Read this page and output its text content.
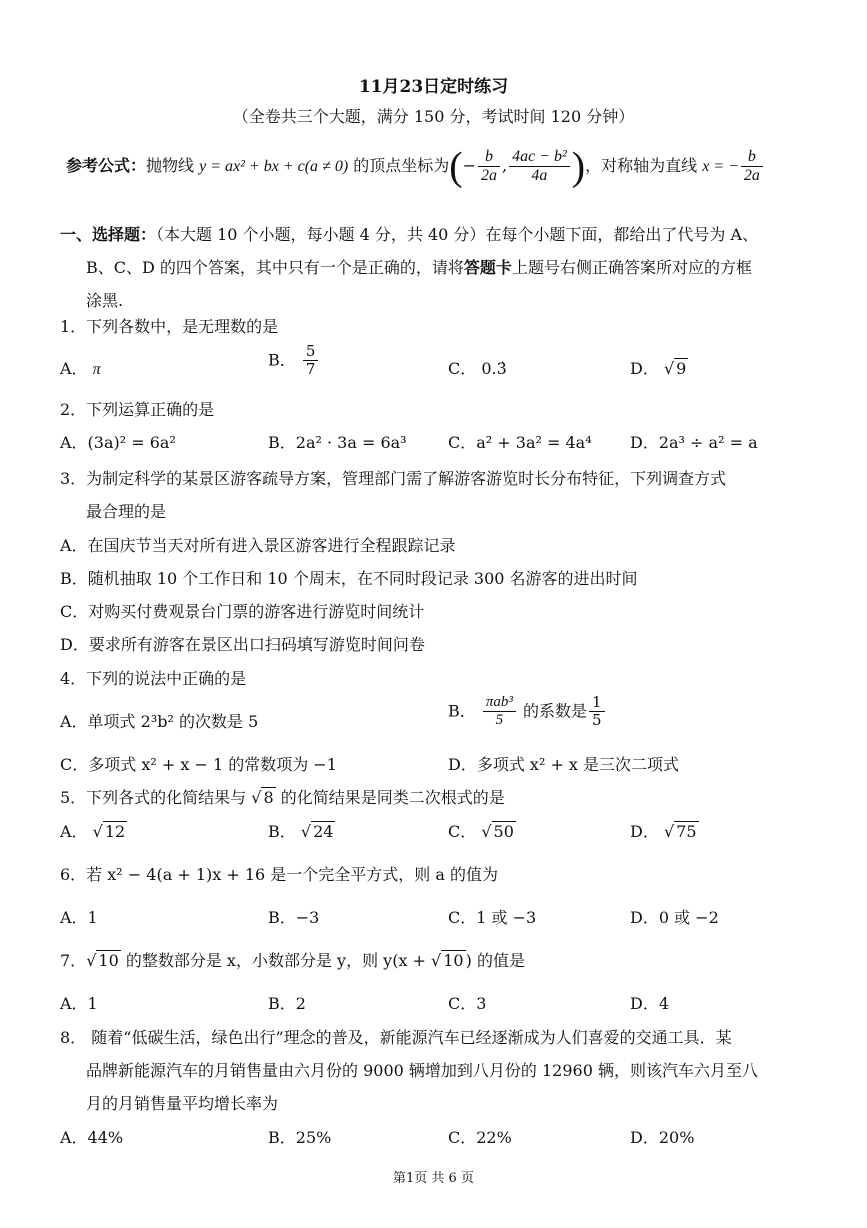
11月23日定时练习
（全卷共三个大题，满分 150 分，考试时间 120 分钟）
参考公式：抛物线 y = ax² + bx + c(a ≠ 0) 的顶点坐标为(− $\frac{b}{2a}$ , $\frac{\text{4ac − b²}}{4a}$ )，对称轴为直线 x = − $\frac{b}{2a}$
一、选择题：（本大题 10 个小题，每小题 4 分，共 40 分）在每个小题下面，都给出了代号为 A、
B、C、D 的四个答案，其中只有一个是正确的，请将答题卡上题号右侧正确答案所对应的方框
涂黑.
1．下列各数中，是无理数的是
A． π
B． $\frac{5}{7}$	C． 0.3̇	D． √ 9
2．下列运算正确的是
A．(3a)² = 6a²	B．2a² · 3a = 6a³	C．a² + 3a² = 4a⁴ D．2a³ ÷ a² = a
3．为制定科学的某景区游客疏导方案，管理部门需了解游客游览时长分布特征，下列调查方式
最合理的是
A．在国庆节当天对所有进入景区游客进行全程跟踪记录
B．随机抽取 10 个工作日和 10 个周末，在不同时段记录 300 名游客的进出时间
C．对购买付费观景台门票的游客进行游览时间统计
D．要求所有游客在景区出口扫码填写游览时间问卷
4．下列的说法中正确的是
A．单项式 2³b² 的次数是 5
B． $\frac{\text{πab³}}{5}$ 的系数是 $\frac{1}{5}$
C．多项式 x² + x − 1 的常数项为 −1	D．多项式 x² + x 是三次二项式
5．下列各式的化简结果与 √ 8 的化简结果是同类二次根式的是
A． √ 12	B． √ 24	C． √ 50	D． √ 75
6．若 x² − 4(a + 1)x + 16 是一个完全平方式，则 a 的值为
A．1	B．−3	C．1 或 −3	D．0 或 −2
7．√ 10 的整数部分是 x，小数部分是 y，则 y(x + √ 10 ) 的值是
A．1	B．2	C．3	D．4
8． 随着“低碳生活，绿色出行”理念的普及，新能源汽车已经逐渐成为人们喜爱的交通工具．某
品牌新能源汽车的月销售量由六月份的 9000 辆增加到八月份的 12960 辆，则该汽车六月至八
月的月销售量平均增长率为
A．44%	B．25%	C．22%	D．20%
第1页 共 6 页
